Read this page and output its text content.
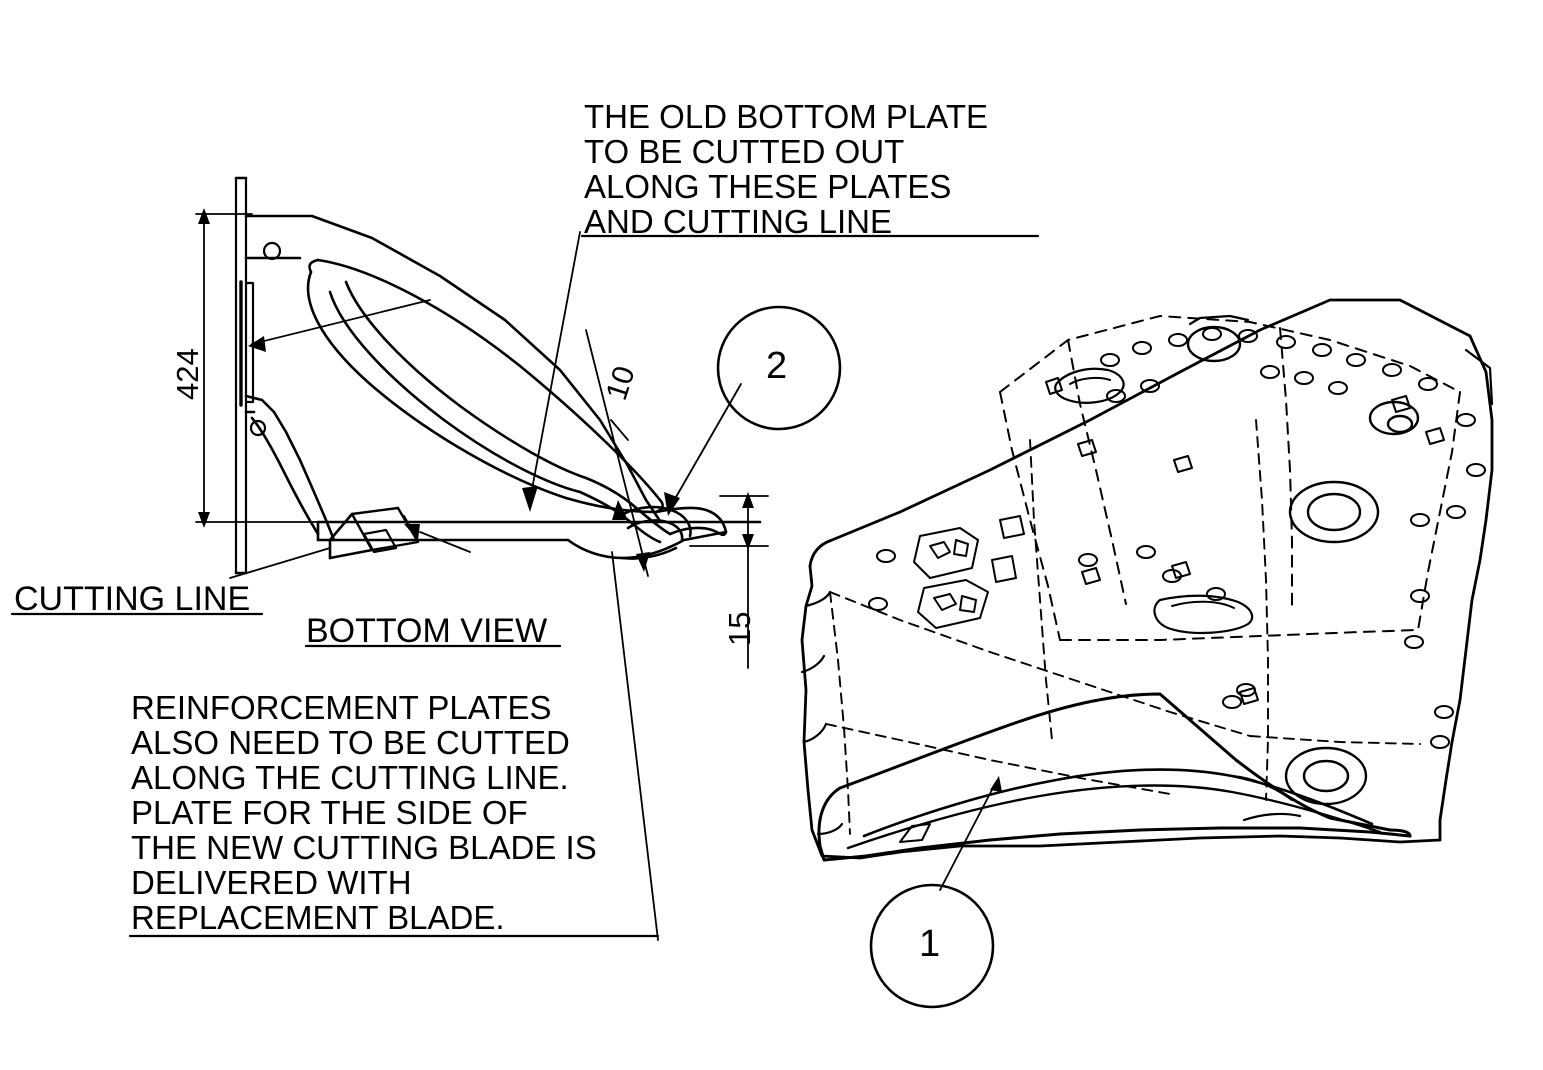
THE OLD BOTTOM PLATE
TO BE CUTTED OUT
ALONG THESE PLATES
AND CUTTING LINE
CUTTING LINE
BOTTOM VIEW
REINFORCEMENT PLATES
ALSO NEED TO BE CUTTED
ALONG THE CUTTING LINE.
PLATE FOR THE SIDE OF
THE NEW CUTTING BLADE IS
DELIVERED WITH
REPLACEMENT BLADE.
424	10
15
2
1
